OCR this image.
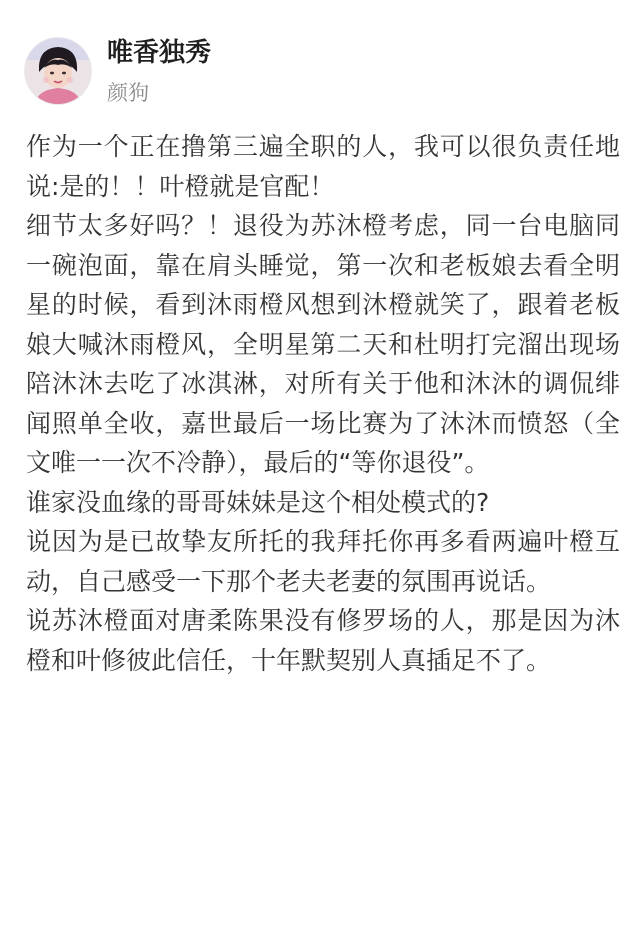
唯香独秀
颜狗

作为一个正在撸第三遍全职的人，我可以很负责任地说:是的！！叶橙就是官配！

细节太多好吗？！退役为苏沐橙考虑，同一台电脑同一碗泡面，靠在肩头睡觉，第一次和老板娘去看全明星的时候，看到沐雨橙风想到沐橙就笑了，跟着老板娘大喊沐雨橙风，全明星第二天和杜明打完溜出现场陪沐沐去吃了冰淇淋，对所有关于他和沐沐的调侃绯闻照单全收，嘉世最后一场比赛为了沐沐而愤怒（全文唯一一次不冷静），最后的“等你退役”。

谁家没血缘的哥哥妹妹是这个相处模式的?

说因为是已故挚友所托的我拜托你再多看两遍叶橙互动，自己感受一下那个老夫老妻的氛围再说话。

说苏沐橙面对唐柔陈果没有修罗场的人，那是因为沐橙和叶修彼此信任，十年默契别人真插足不了。
